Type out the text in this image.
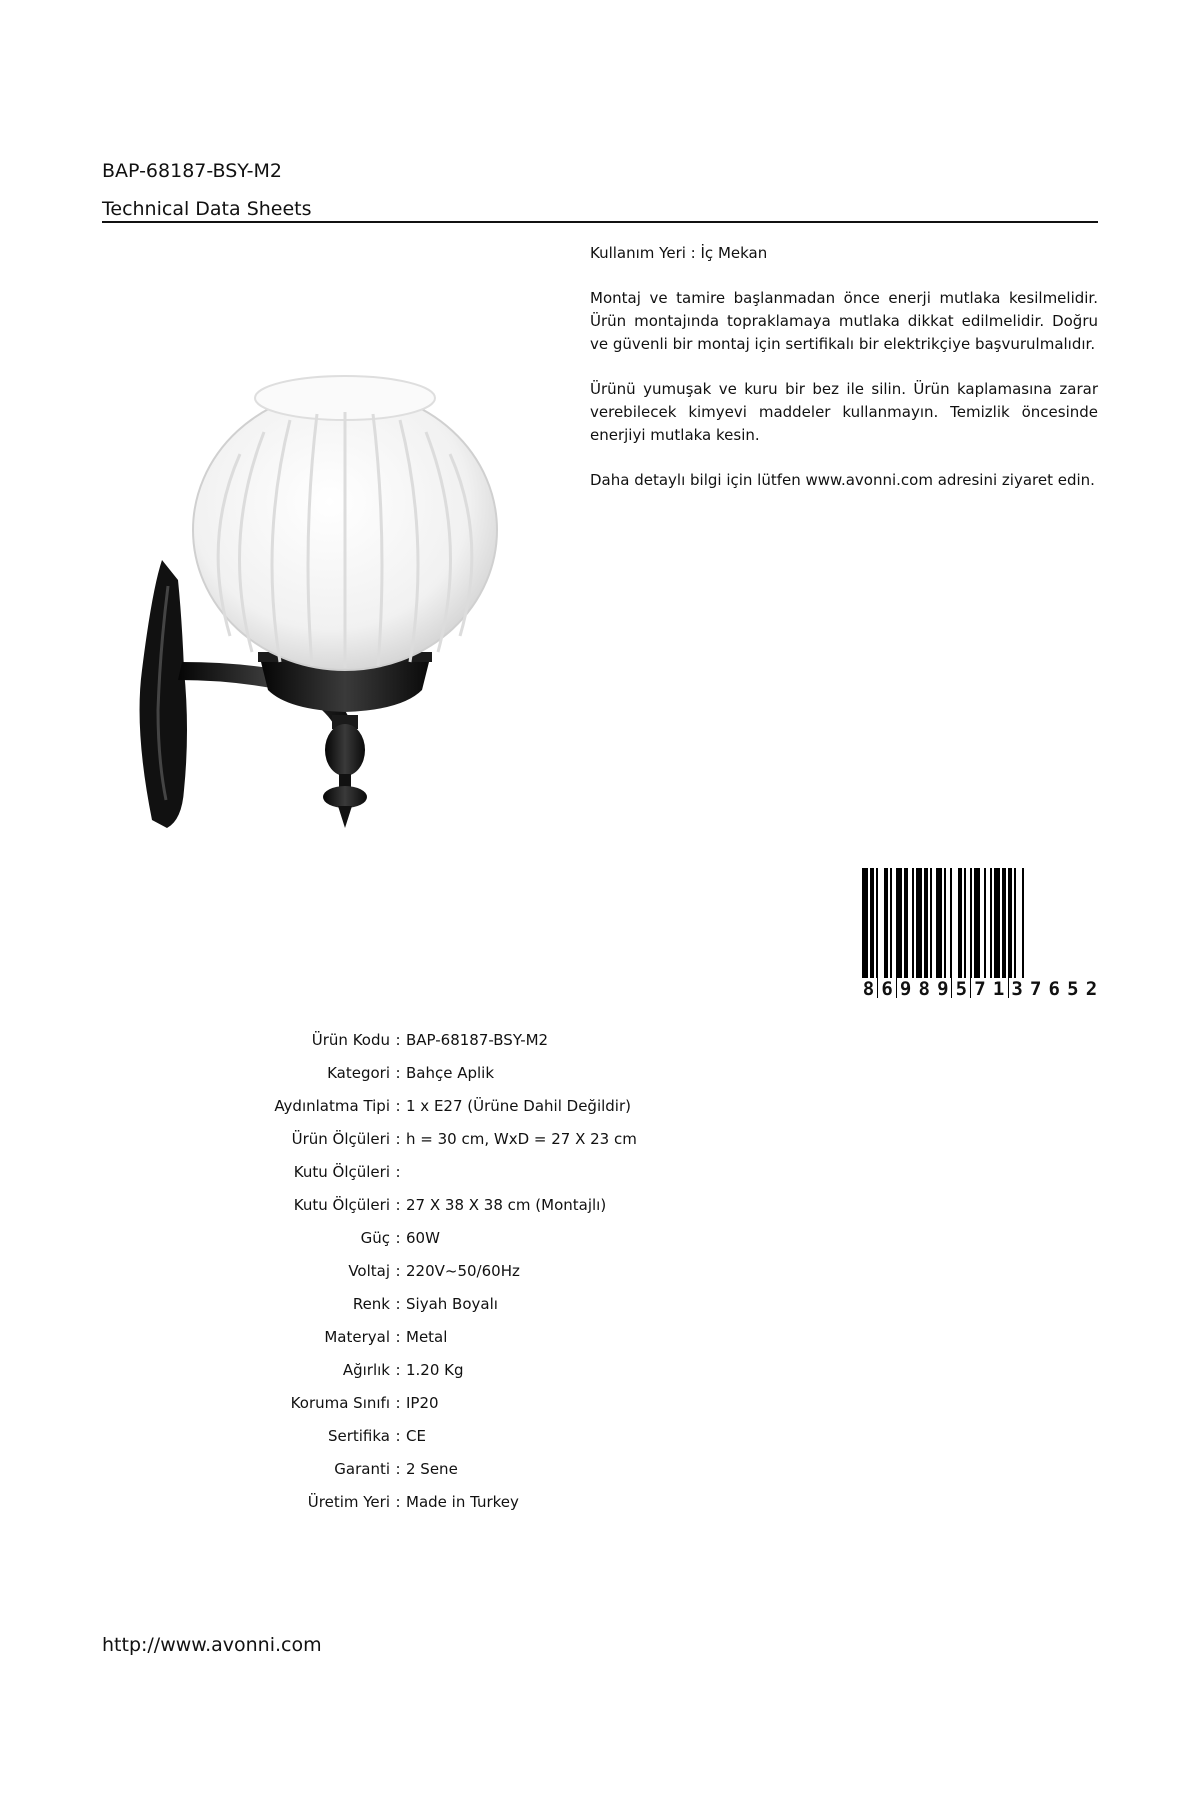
BAP-68187-BSY-M2
Technical Data Sheets

Kullanım Yeri : İç Mekan

Montaj ve tamire başlanmadan önce enerji mutlaka kesilmelidir. Ürün montajında topraklamaya mutlaka dikkat edilmelidir. Doğru ve güvenli bir montaj için sertifikalı bir elektrikçiye başvurulmalıdır.

Ürünü yumuşak ve kuru bir bez ile silin. Ürün kaplamasına zarar verebilecek kimyevi maddeler kullanmayın. Temizlik öncesinde enerjiyi mutlaka kesin.

Daha detaylı bilgi için lütfen www.avonni.com adresini ziyaret edin.

8 6 9 8 9 5 7 1 3 7 6 5 2
Ürün Kodu : BAP-68187-BSY-M2
Kategori : Bahçe Aplik
Aydınlatma Tipi : 1 x E27 (Ürüne Dahil Değildir)
Ürün Ölçüleri : h = 30 cm, WxD = 27 X 23 cm
Kutu Ölçüleri :
Kutu Ölçüleri : 27 X 38 X 38 cm (Montajlı)
Güç : 60W
Voltaj : 220V~50/60Hz
Renk : Siyah Boyalı
Materyal : Metal
Ağırlık : 1.20 Kg
Koruma Sınıfı : IP20
Sertifika : CE
Garanti : 2 Sene
Üretim Yeri : Made in Turkey
http://www.avonni.com
